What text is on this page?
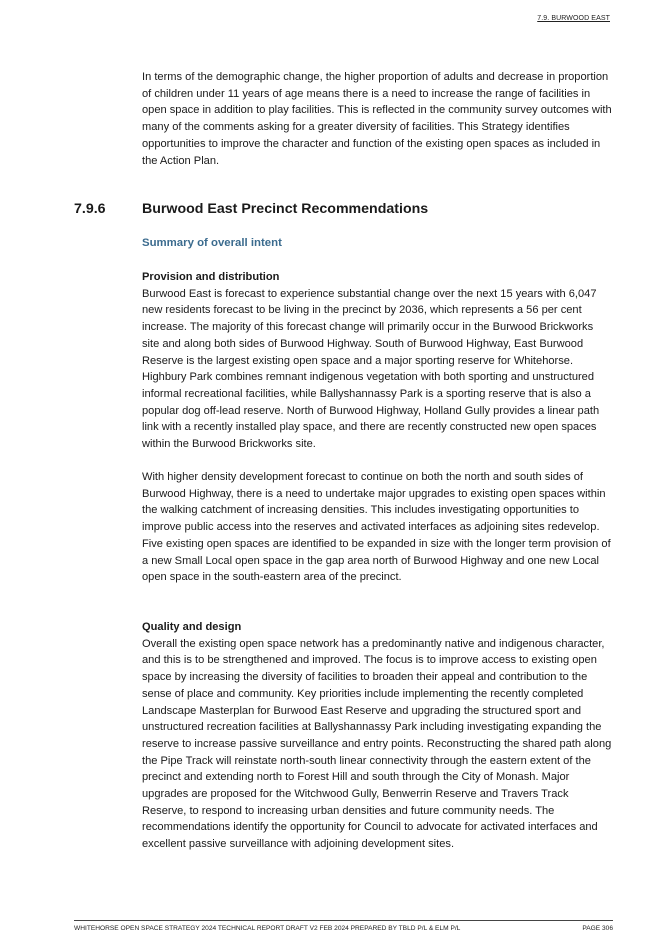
7.9. BURWOOD EAST

In terms of the demographic change, the higher proportion of adults and decrease in proportion of children under 11 years of age means there is a need to increase the range of facilities in open space in addition to play facilities. This is reflected in the community survey outcomes with many of the comments asking for a greater diversity of facilities. This Strategy identifies opportunities to improve the character and function of the existing open spaces as included in the Action Plan.

7.9.6	Burwood East Precinct Recommendations
Summary of overall intent

Provision and distribution

Burwood East is forecast to experience substantial change over the next 15 years with 6,047 new residents forecast to be living in the precinct by 2036, which represents a 56 per cent increase. The majority of this forecast change will primarily occur in the Burwood Brickworks site and along both sides of Burwood Highway. South of Burwood Highway, East Burwood Reserve is the largest existing open space and a major sporting reserve for Whitehorse. Highbury Park combines remnant indigenous vegetation with both sporting and unstructured informal recreational facilities, while Ballyshannassy Park is a sporting reserve that is also a popular dog off-lead reserve. North of Burwood Highway, Holland Gully provides a linear path link with a recently installed play space, and there are recently constructed new open spaces within the Burwood Brickworks site.

With higher density development forecast to continue on both the north and south sides of Burwood Highway, there is a need to undertake major upgrades to existing open spaces within the walking catchment of increasing densities. This includes investigating opportunities to improve public access into the reserves and activated interfaces as adjoining sites redevelop. Five existing open spaces are identified to be expanded in size with the longer term provision of a new Small Local open space in the gap area north of Burwood Highway and one new Local open space in the south-eastern area of the precinct.

Quality and design

Overall the existing open space network has a predominantly native and indigenous character, and this is to be strengthened and improved. The focus is to improve access to existing open space by increasing the diversity of facilities to broaden their appeal and contribution to the sense of place and community. Key priorities include implementing the recently completed Landscape Masterplan for Burwood East Reserve and upgrading the structured sport and unstructured recreation facilities at Ballyshannassy Park including investigating expanding the reserve to increase passive surveillance and entry points. Reconstructing the shared path along the Pipe Track will reinstate north-south linear connectivity through the eastern extent of the precinct and extending north to Forest Hill and south through the City of Monash. Major upgrades are proposed for the Witchwood Gully, Benwerrin Reserve and Travers Track Reserve, to respond to increasing urban densities and future community needs. The recommendations identify the opportunity for Council to advocate for activated interfaces and excellent passive surveillance with adjoining development sites.

WHITEHORSE OPEN SPACE STRATEGY 2024 TECHNICAL REPORT DRAFT V2 FEB 2024 PREPARED BY TBLD P/L & ELM P/L	PAGE 306
